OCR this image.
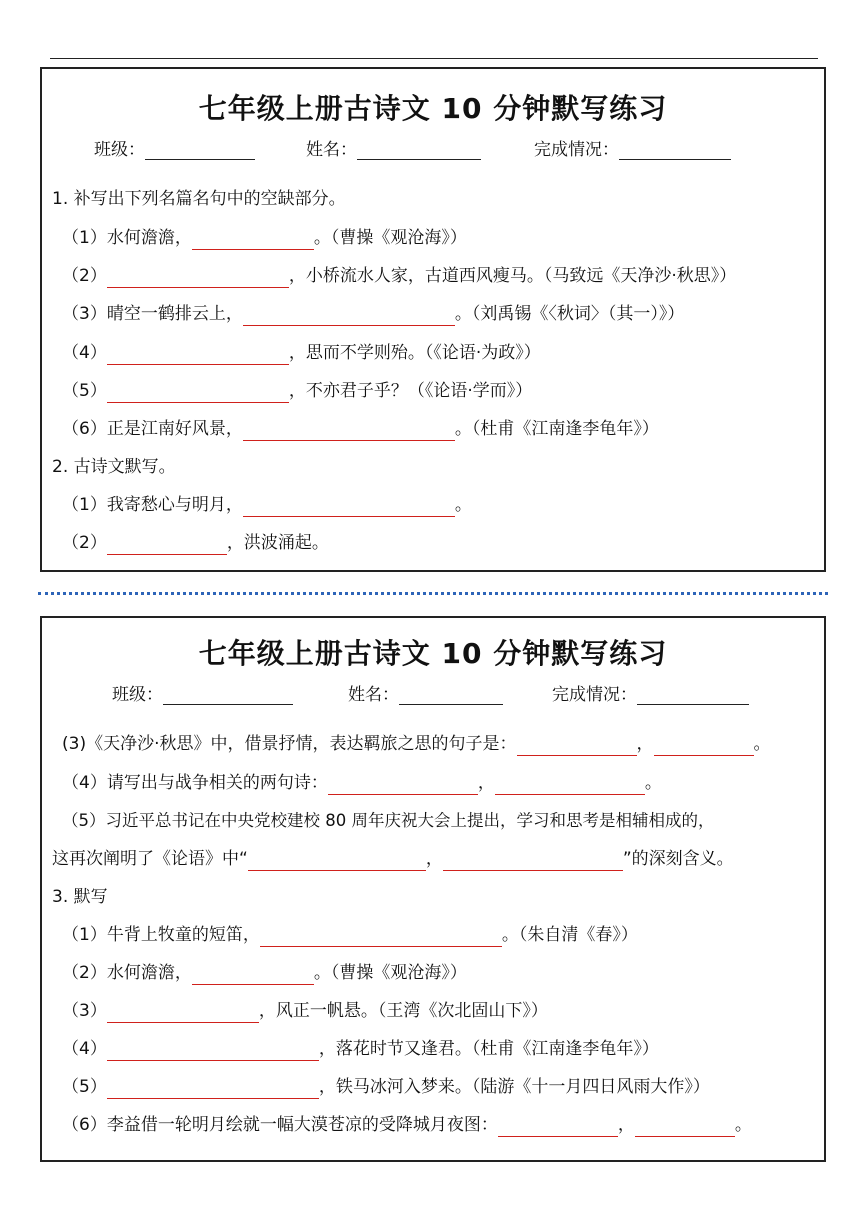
七年级上册古诗文 10 分钟默写练习
班级：	姓名：	完成情况：
1. 补写出下列名篇名句中的空缺部分。
（1）水何澹澹，	。（曹操《观沧海》）
（2）	，小桥流水人家，古道西风瘦马。（马致远《天净沙·秋思》）
（3）晴空一鹤排云上，	。（刘禹锡《〈秋词〉（其一）》）
（4）	，思而不学则殆。（《论语·为政》）
（5）	，不亦君子乎？（《论语·学而》）
（6）正是江南好风景，	。（杜甫《江南逢李龟年》）
2. 古诗文默写。
（1）我寄愁心与明月，	。
（2）	，洪波涌起。
七年级上册古诗文 10 分钟默写练习
班级：	姓名：	完成情况：
(3)《天净沙·秋思》中，借景抒情，表达羁旅之思的句子是：	，	。
（4）请写出与战争相关的两句诗：	，	。
（5）习近平总书记在中央党校建校 80 周年庆祝大会上提出，学习和思考是相辅相成的，
这再次阐明了《论语》中“	，	”的深刻含义。
3. 默写
（1）牛背上牧童的短笛，	。（朱自清《春》）
（2）水何澹澹，	。（曹操《观沧海》）
（3）	，风正一帆悬。（王湾《次北固山下》）
（4）	，落花时节又逢君。（杜甫《江南逢李龟年》）
（5）	，铁马冰河入梦来。（陆游《十一月四日风雨大作》）
（6）李益借一轮明月绘就一幅大漠苍凉的受降城月夜图：	，	。
